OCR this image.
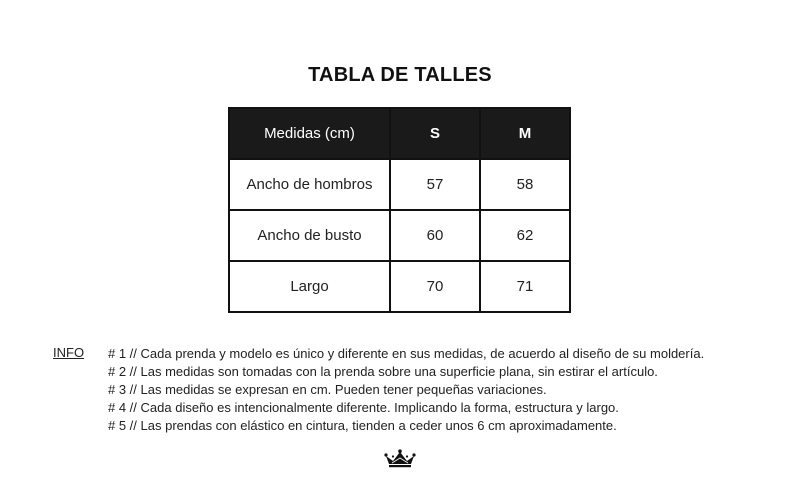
TABLA DE TALLES
Medidas (cm)	S	M
Ancho de hombros	57	58
Ancho de busto	60	62
Largo	70	71
INFO # 1 // Cada prenda y modelo es único y diferente en sus medidas, de acuerdo al diseño de su moldería.
# 2 // Las medidas son tomadas con la prenda sobre una superficie plana, sin estirar el artículo.
# 3 // Las medidas se expresan en cm. Pueden tener pequeñas variaciones.
# 4 // Cada diseño es intencionalmente diferente. Implicando la forma, estructura y largo.
# 5 // Las prendas con elástico en cintura, tienden a ceder unos 6 cm aproximadamente.
